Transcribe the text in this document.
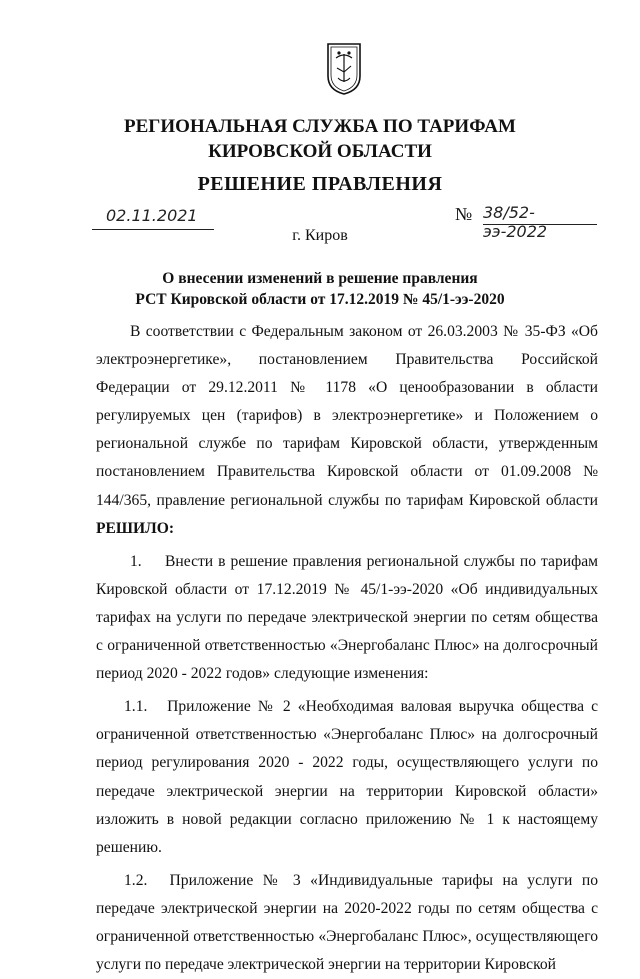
РЕГИОНАЛЬНАЯ СЛУЖБА ПО ТАРИФАМ
КИРОВСКОЙ ОБЛАСТИ
РЕШЕНИЕ ПРАВЛЕНИЯ
02.11.2021	№ 38/52-ээ-2022
г. Киров
О внесении изменений в решение правления
РСТ Кировской области от 17.12.2019 № 45/1-ээ-2020

В соответствии с Федеральным законом от 26.03.2003 № 35-ФЗ «Об электроэнергетике», постановлением Правительства Российской Федерации от 29.12.2011 № 1178 «О ценообразовании в области регулируемых цен (тарифов) в электроэнергетике» и Положением о региональной службе по тарифам Кировской области, утвержденным постановлением Правительства Кировской области от 01.09.2008 № 144/365, правление региональной службы по тарифам Кировской области РЕШИЛО:

1. Внести в решение правления региональной службы по тарифам Кировской области от 17.12.2019 № 45/1-ээ-2020 «Об индивидуальных тарифах на услуги по передаче электрической энергии по сетям общества с ограниченной ответственностью «Энергобаланс Плюс» на долгосрочный период 2020 - 2022 годов» следующие изменения:

1.1. Приложение № 2 «Необходимая валовая выручка общества с ограниченной ответственностью «Энергобаланс Плюс» на долгосрочный период регулирования 2020 - 2022 годы, осуществляющего услуги по передаче электрической энергии на территории Кировской области» изложить в новой редакции согласно приложению № 1 к настоящему решению.

1.2. Приложение № 3 «Индивидуальные тарифы на услуги по передаче электрической энергии на 2020-2022 годы по сетям общества с ограниченной ответственностью «Энергобаланс Плюс», осуществляющего услуги по передаче электрической энергии на территории Кировской
